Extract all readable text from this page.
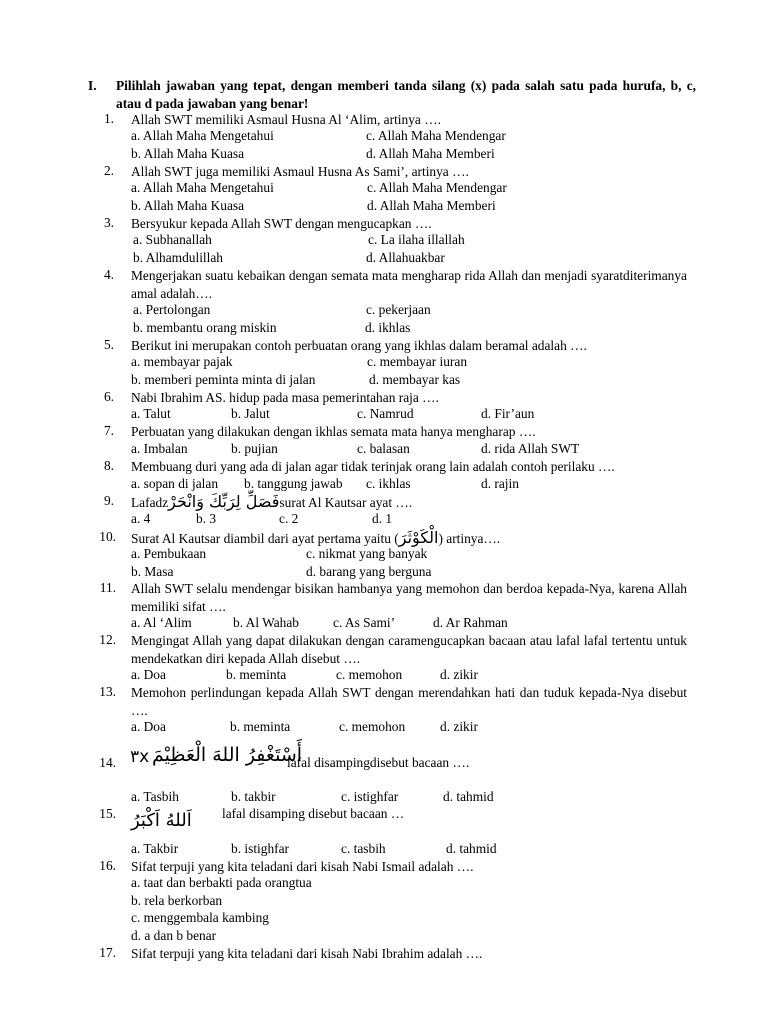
I. Pilihlah jawaban yang tepat, dengan memberi tanda silang (x) pada salah satu pada hurufa, b, c, atau d pada jawaban yang benar!
1. Allah SWT memiliki Asmaul Husna Al ‘Alim, artinya ….
a. Allah Maha Mengetahui	c. Allah Maha Mendengar
b. Allah Maha Kuasa	d. Allah Maha Memberi
2. Allah SWT juga memiliki Asmaul Husna As Sami’, artinya ….
a. Allah Maha Mengetahui	c. Allah Maha Mendengar
b. Allah Maha Kuasa	d. Allah Maha Memberi
3. Bersyukur kepada Allah SWT dengan mengucapkan ….
a. Subhanallah	c. La ilaha illallah
b. Alhamdulillah	d. Allahuakbar
4. Mengerjakan suatu kebaikan dengan semata mata mengharap rida Allah dan menjadi syaratditerimanya amal adalah….
a. Pertolongan	c. pekerjaan
b. membantu orang miskin	d. ikhlas
5. Berikut ini merupakan contoh perbuatan orang yang ikhlas dalam beramal adalah ….
a. membayar pajak	c. membayar iuran
b. memberi peminta minta di jalan	d. membayar kas
6. Nabi Ibrahim AS. hidup pada masa pemerintahan raja ….
a. Talut	b. Jalut	c. Namrud	d. Fir’aun
7. Perbuatan yang dilakukan dengan ikhlas semata mata hanya mengharap ….
a. Imbalan	b. pujian	c. balasan	d. rida Allah SWT
8. Membuang duri yang ada di jalan agar tidak terinjak orang lain adalah contoh perilaku ….
a. sopan di jalan b. tanggung jawab c. ikhlas	d. rajin
9. Lafadzفَصَلِّ لِرَبِّكَ وَانْحَرْsurat Al Kautsar ayat ….
a. 4	b. 3	c. 2	d. 1
10. Surat Al Kautsar diambil dari ayat pertama yaitu (الْكَوْثَرَ) artinya….
a. Pembukaan	c. nikmat yang banyak
b. Masa	d. barang yang berguna
11. Allah SWT selalu mendengar bisikan hambanya yang memohon dan berdoa kepada-Nya, karena Allah memiliki sifat ….
a. Al ‘Alim	b. Al Wahab	c. As Sami’	d. Ar Rahman
12. Mengingat Allah yang dapat dilakukan dengan caramengucapkan bacaan atau lafal lafal tertentu untuk mendekatkan diri kepada Allah disebut ….
a. Doa	b. meminta	c. memohon	d. zikir
13. Memohon perlindungan kepada Allah SWT dengan merendahkan hati dan tuduk kepada-Nya disebut ….
a. Doa	b. meminta	c. memohon	d. zikir
14. ٣x أَسْتَغْفِرُ اللهَ الْعَظِيْمَ
lafal disampingdisebut bacaan ….
a. Tasbih	b. takbir	c. istighfar	d. tahmid
15. اَللهُ اَكْبَرُ lafal disamping disebut bacaan …
a. Takbir	b. istighfar	c. tasbih	d. tahmid
16. Sifat terpuji yang kita teladani dari kisah Nabi Ismail adalah ….
a. taat dan berbakti pada orangtua
b. rela berkorban
c. menggembala kambing
d. a dan b benar
17. Sifat terpuji yang kita teladani dari kisah Nabi Ibrahim adalah ….
